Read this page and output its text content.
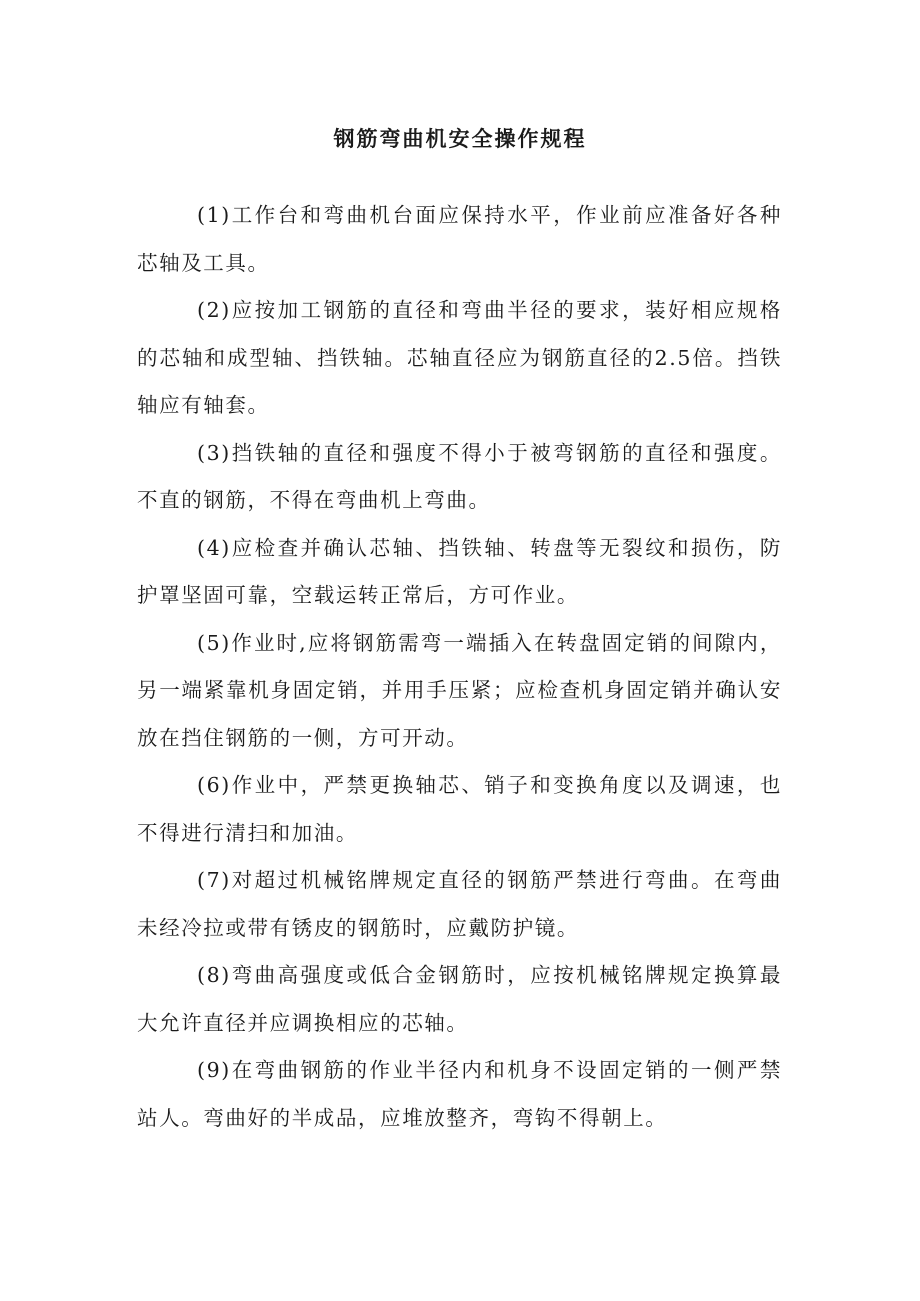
钢筋弯曲机安全操作规程

(1)工作台和弯曲机台面应保持水平，作业前应准备好各种芯轴及工具。

(2)应按加工钢筋的直径和弯曲半径的要求，装好相应规格的芯轴和成型轴、挡铁轴。芯轴直径应为钢筋直径的2.5倍。挡铁轴应有轴套。

(3)挡铁轴的直径和强度不得小于被弯钢筋的直径和强度。不直的钢筋，不得在弯曲机上弯曲。

(4)应检查并确认芯轴、挡铁轴、转盘等无裂纹和损伤，防护罩坚固可靠，空载运转正常后，方可作业。

(5)作业时,应将钢筋需弯一端插入在转盘固定销的间隙内，另一端紧靠机身固定销，并用手压紧；应检查机身固定销并确认安放在挡住钢筋的一侧，方可开动。

(6)作业中，严禁更换轴芯、销子和变换角度以及调速，也不得进行清扫和加油。

(7)对超过机械铭牌规定直径的钢筋严禁进行弯曲。在弯曲未经冷拉或带有锈皮的钢筋时，应戴防护镜。

(8)弯曲高强度或低合金钢筋时，应按机械铭牌规定换算最大允许直径并应调换相应的芯轴。

(9)在弯曲钢筋的作业半径内和机身不设固定销的一侧严禁站人。弯曲好的半成品，应堆放整齐，弯钩不得朝上。
